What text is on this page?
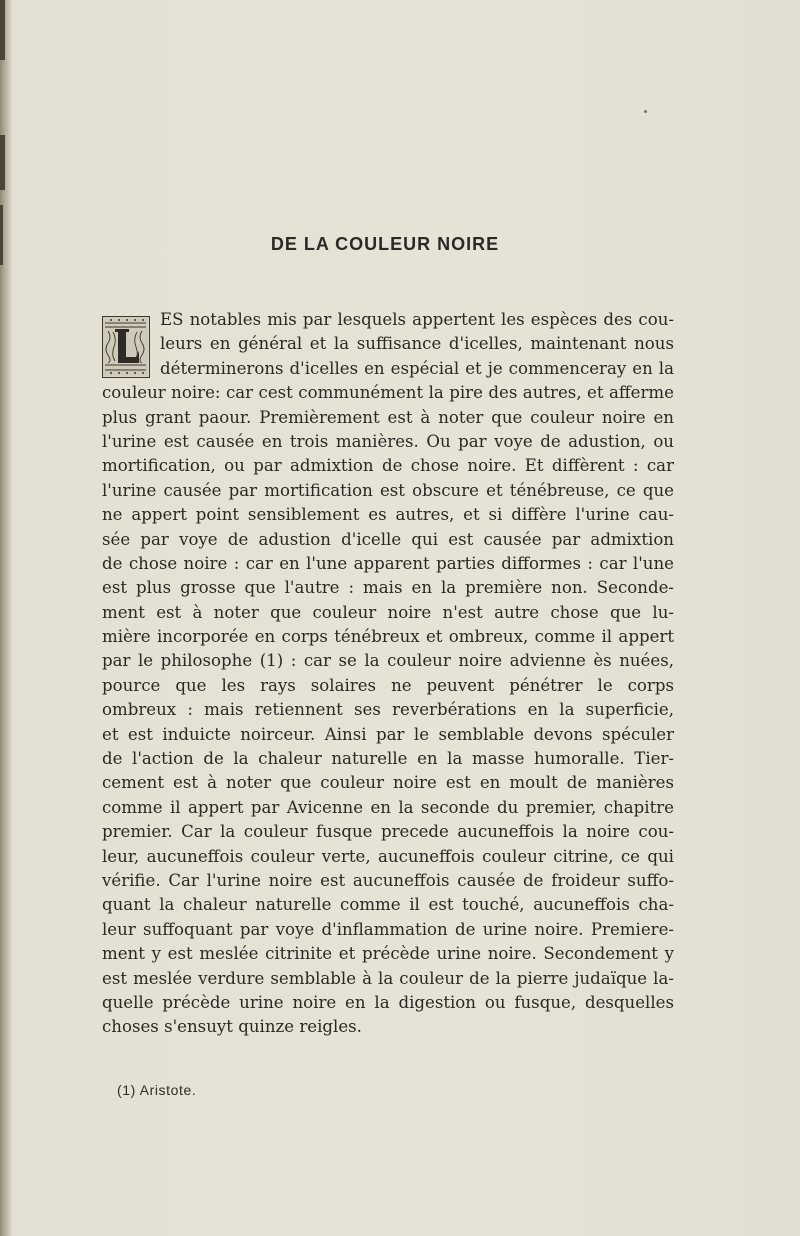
DE LA COULEUR NOIRE
ES notables mis par lesquels appertent les espèces des cou-
leurs en général et la suffisance d'icelles, maintenant nous
déterminerons d'icelles en espécial et je commenceray en la
couleur noire: car cest communément la pire des autres, et afferme
plus grant paour. Premièrement est à noter que couleur noire en
l'urine est causée en trois manières. Ou par voye de adustion, ou
mortification, ou par admixtion de chose noire. Et diffèrent : car
l'urine causée par mortification est obscure et ténébreuse, ce que
ne appert point sensiblement es autres, et si diffère l'urine cau-
sée par voye de adustion d'icelle qui est causée par admixtion
de chose noire : car en l'une apparent parties difformes : car l'une
est plus grosse que l'autre : mais en la première non. Seconde-
ment est à noter que couleur noire n'est autre chose que lu-
mière incorporée en corps ténébreux et ombreux, comme il appert
par le philosophe (1) : car se la couleur noire advienne ès nuées,
pource que les rays solaires ne peuvent pénétrer le corps
ombreux : mais retiennent ses reverbérations en la superficie,
et est induicte noirceur. Ainsi par le semblable devons spéculer
de l'action de la chaleur naturelle en la masse humoralle. Tier-
cement est à noter que couleur noire est en moult de manières
comme il appert par Avicenne en la seconde du premier, chapitre
premier. Car la couleur fusque precede aucuneffois la noire cou-
leur, aucuneffois couleur verte, aucuneffois couleur citrine, ce qui
vérifie. Car l'urine noire est aucuneffois causée de froideur suffo-
quant la chaleur naturelle comme il est touché, aucuneffois cha-
leur suffoquant par voye d'inflammation de urine noire. Premiere-
ment y est meslée citrinite et précède urine noire. Secondement y
est meslée verdure semblable à la couleur de la pierre judaïque la-
quelle précède urine noire en la digestion ou fusque, desquelles
choses s'ensuyt quinze reigles.
(1) Aristote.
